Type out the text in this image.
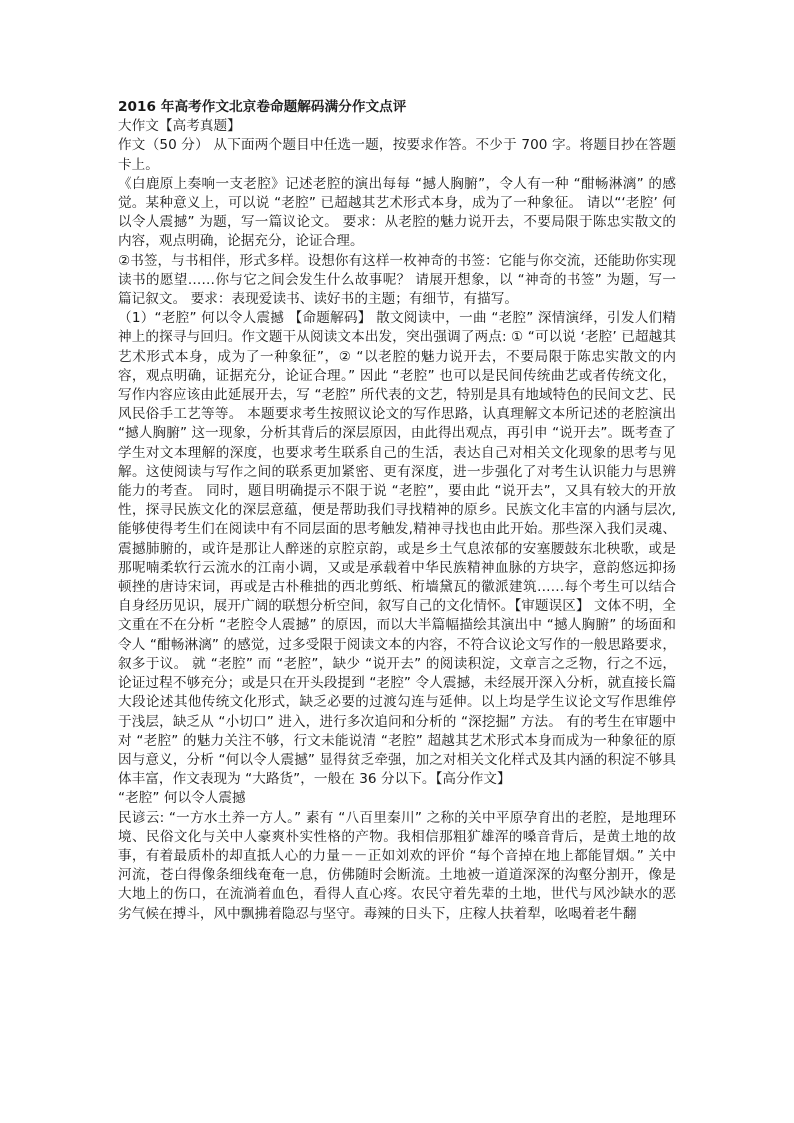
2016 年高考作文北京卷命题解码满分作文点评

大作文【高考真题】

作文（50 分） 从下面两个题目中任选一题，按要求作答。不少于 700 字。将题目抄在答题卡上。

《白鹿原上奏响一支老腔》记述老腔的演出每每 “撼人胸腑”，令人有一种 “酣畅淋漓” 的感觉。某种意义上，可以说 “老腔” 已超越其艺术形式本身，成为了一种象征。 请以“‘老腔’ 何以令人震撼” 为题，写一篇议论文。 要求：从老腔的魅力说开去，不要局限于陈忠实散文的内容，观点明确，论据充分，论证合理。

②书签，与书相伴，形式多样。设想你有这样一枚神奇的书签：它能与你交流，还能助你实现读书的愿望……你与它之间会发生什么故事呢？ 请展开想象，以 “神奇的书签” 为题，写一篇记叙文。 要求：表现爱读书、读好书的主题；有细节，有描写。

（1）“老腔” 何以令人震撼 【命题解码】 散文阅读中，一曲 “老腔” 深情演绎，引发人们精神上的探寻与回归。作文题干从阅读文本出发，突出强调了两点: ① “可以说 ‘老腔’ 已超越其艺术形式本身，成为了一种象征”，② “以老腔的魅力说开去，不要局限于陈忠实散文的内容，观点明确，证据充分，论证合理。” 因此 “老腔” 也可以是民间传统曲艺或者传统文化，写作内容应该由此延展开去，写 “老腔” 所代表的文艺，特别是具有地域特色的民间文艺、民风民俗手工艺等等。 本题要求考生按照议论文的写作思路，认真理解文本所记述的老腔演出 “撼人胸腑” 这一现象，分析其背后的深层原因，由此得出观点，再引申 “说开去”。既考查了学生对文本理解的深度，也要求考生联系自己的生活，表达自己对相关文化现象的思考与见解。这使阅读与写作之间的联系更加紧密、更有深度，进一步强化了对考生认识能力与思辨能力的考查。 同时，题目明确提示不限于说 “老腔”，要由此 “说开去”，又具有较大的开放性，探寻民族文化的深层意蕴，便是帮助我们寻找精神的原乡。民族文化丰富的内涵与层次,能够使得考生们在阅读中有不同层面的思考触发,精神寻找也由此开始。那些深入我们灵魂、震撼肺腑的，或许是那让人醉迷的京腔京韵，或是乡土气息浓郁的安塞腰鼓东北秧歌，或是那呢喃柔软行云流水的江南小调，又或是承载着中华民族精神血脉的方块字，意韵悠远抑扬顿挫的唐诗宋词，再或是古朴稚拙的西北剪纸、桁墙黛瓦的徽派建筑……每个考生可以结合自身经历见识，展开广阔的联想分析空间，叙写自己的文化情怀。【审题误区】 文体不明，全文重在不在分析 “老腔令人震撼” 的原因，而以大半篇幅描绘其演出中 “撼人胸腑” 的场面和令人 “酣畅淋漓” 的感觉，过多受限于阅读文本的内容，不符合议论文写作的一般思路要求，叙多于议。 就 “老腔” 而 “老腔”，缺少 “说开去” 的阅读积淀，文章言之乏物，行之不远，论证过程不够充分；或是只在开头段提到 “老腔” 令人震撼，未经展开深入分析，就直接长篇大段论述其他传统文化形式，缺乏必要的过渡勾连与延伸。以上均是学生议论文写作思维停于浅层，缺乏从 “小切口” 进入，进行多次追问和分析的 “深挖掘” 方法。 有的考生在审题中对 “老腔” 的魅力关注不够，行文未能说清 “老腔” 超越其艺术形式本身而成为一种象征的原因与意义，分析 “何以令人震撼” 显得贫乏牵强，加之对相关文化样式及其内涵的积淀不够具体丰富，作文表现为 “大路货”，一般在 36 分以下。【高分作文】

“老腔” 何以令人震撼

民谚云: “一方水土养一方人。” 素有 “八百里秦川” 之称的关中平原孕育出的老腔，是地理环境、民俗文化与关中人豪爽朴实性格的产物。我相信那粗犷雄浑的嗓音背后，是黄土地的故事，有着最质朴的却直抵人心的力量－－正如刘欢的评价 “每个音掉在地上都能冒烟。” 关中河流，苍白得像条细线奄奄一息，仿佛随时会断流。土地被一道道深深的沟壑分割开，像是大地上的伤口，在流淌着血色，看得人直心疼。农民守着先辈的土地，世代与风沙缺水的恶劣气候在搏斗，风中飘拂着隐忍与坚守。毒辣的日头下，庄稼人扶着犁，吆喝着老牛翻
